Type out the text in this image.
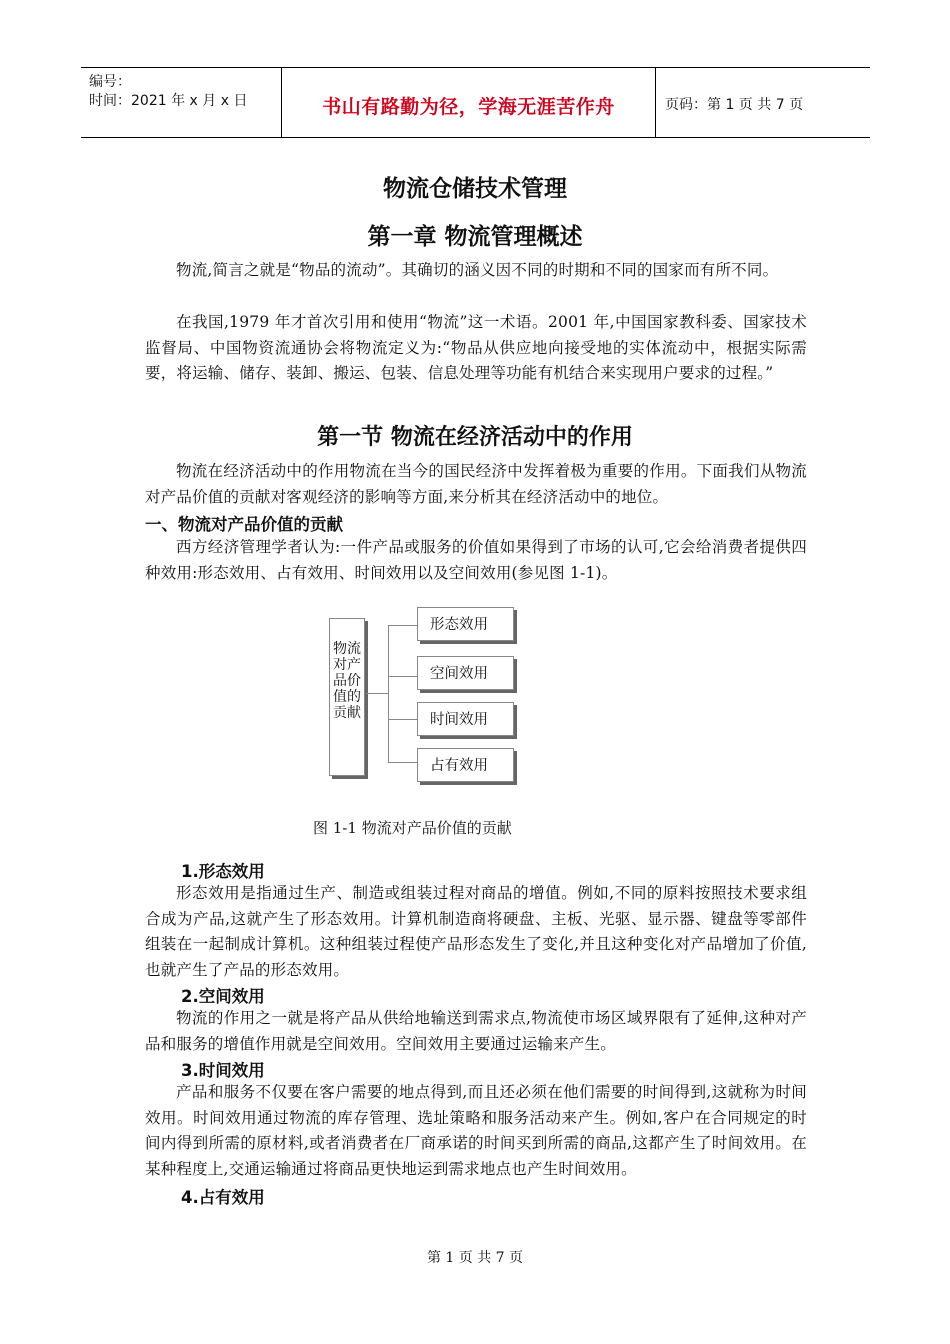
编号：
时间：2021 年 x 月 x 日	书山有路勤为径，学海无涯苦作舟	页码：第 1 页 共 7 页
物流仓储技术管理
第一章 物流管理概述

物流,简言之就是“物品的流动”。其确切的涵义因不同的时期和不同的国家而有所不同。

在我国,1979 年才首次引用和使用“物流”这一术语。2001 年,中国国家教科委、国家技术监督局、中国物资流通协会将物流定义为:“物品从供应地向接受地的实体流动中，根据实际需要，将运输、储存、装卸、搬运、包装、信息处理等功能有机结合来实现用户要求的过程。”

第一节 物流在经济活动中的作用

物流在经济活动中的作用物流在当今的国民经济中发挥着极为重要的作用。下面我们从物流对产品价值的贡献对客观经济的影响等方面,来分析其在经济活动中的地位。

一、物流对产品价值的贡献

西方经济管理学者认为:一件产品或服务的价值如果得到了市场的认可,它会给消费者提供四种效用:形态效用、占有效用、时间效用以及空间效用(参见图 1-1)。

物流对产品价值的贡献
形态效用
空间效用
时间效用
占有效用
图 1-1 物流对产品价值的贡献
1.形态效用

形态效用是指通过生产、制造或组装过程对商品的增值。例如,不同的原料按照技术要求组合成为产品,这就产生了形态效用。计算机制造商将硬盘、主板、光驱、显示器、键盘等零部件组装在一起制成计算机。这种组装过程使产品形态发生了变化,并且这种变化对产品增加了价值,也就产生了产品的形态效用。

2.空间效用

物流的作用之一就是将产品从供给地输送到需求点,物流使市场区域界限有了延伸,这种对产品和服务的增值作用就是空间效用。空间效用主要通过运输来产生。

3.时间效用

产品和服务不仅要在客户需要的地点得到,而且还必须在他们需要的时间得到,这就称为时间效用。时间效用通过物流的库存管理、选址策略和服务活动来产生。例如,客户在合同规定的时间内得到所需的原材料,或者消费者在厂商承诺的时间买到所需的商品,这都产生了时间效用。在某种程度上,交通运输通过将商品更快地运到需求地点也产生时间效用。

4.占有效用
第 1 页 共 7 页
